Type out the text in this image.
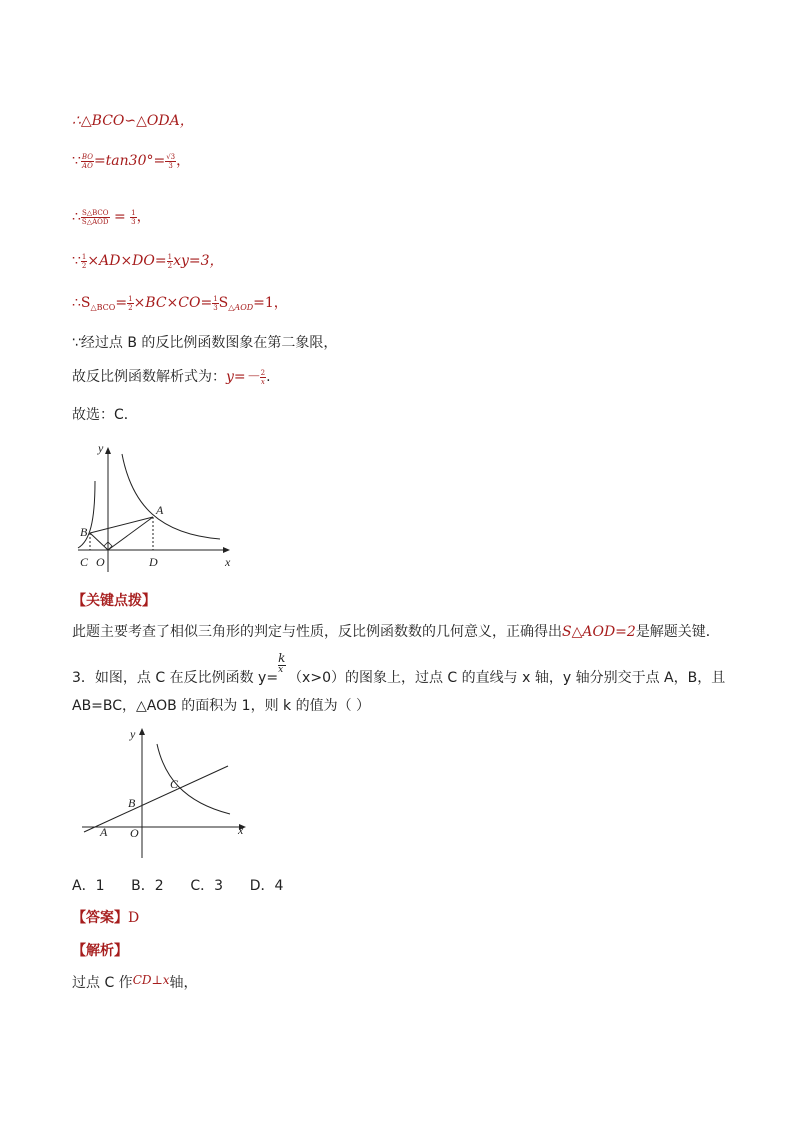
∴△BCO∽△ODA，
∵ $\frac{BO}{AO} =\tan 30^\circ= \frac{√3}{3}$ ，
∴ $\frac{\text{S△BCO}}{\text{S△AOD}} = \frac{1}{3}$ ，
∵ $\frac{1}{2} \times AD\times DO= \frac{1}{2} xy=3$，
$\therefore S_{\triangle BCO}= \frac{1}{2} \times BC\times CO= \frac{1}{3} S_{\triangle AOD}=1$，
∵经过点 B 的反比例函数图象在第二象限，
故反比例函数解析式为：$y=- \frac{2}{x}$ .
故选：C．
y
x
A
B
C O	D
【关键点拨】
此题主要考查了相似三角形的判定与性质，反比例函数数的几何意义，正确得出S△AOD=2是解题关键．
3．如图，点 C 在反比例函数 y=
k
x （x>0）的图象上，过点 C 的直线与 x 轴，y 轴分别交于点 A，B，且
AB=BC，△AOB 的面积为 1，则 k 的值为（ ）
y
x
A
B
C
O
A．1      B．2      C．3      D．4
【答案】D
【解析】
过点 C 作CD⊥x轴，
